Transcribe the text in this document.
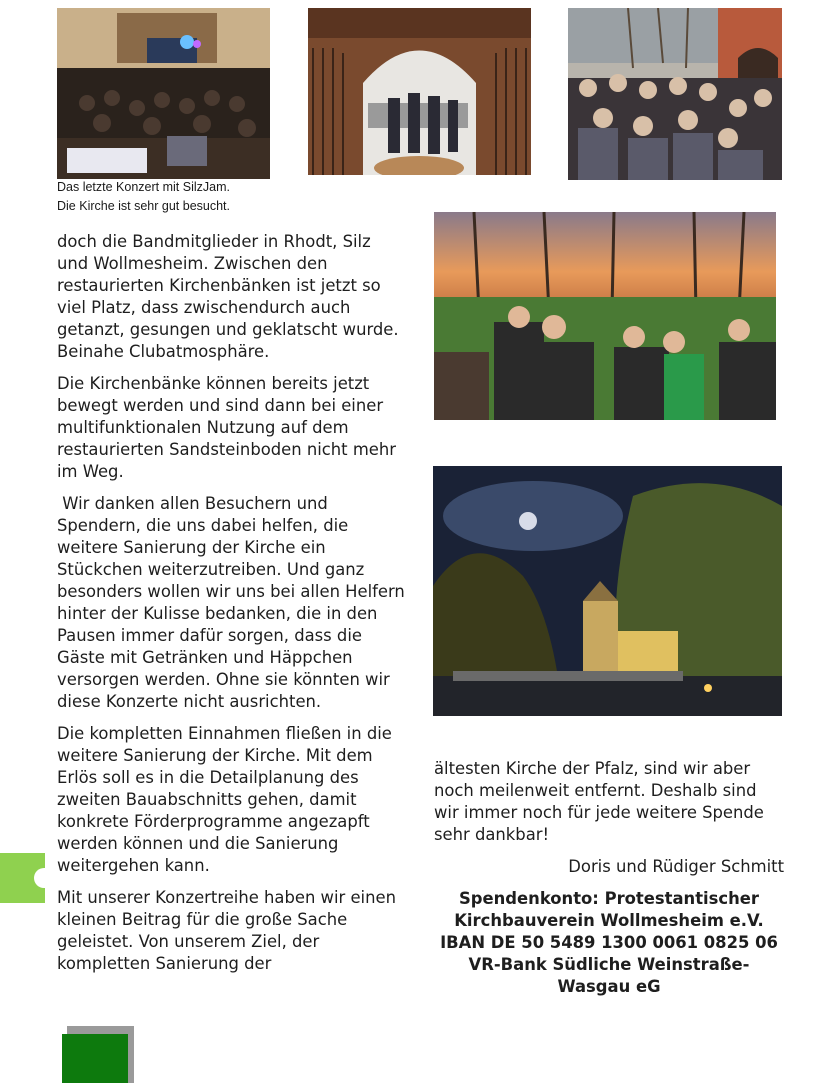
Das letzte Konzert mit SilzJam.
Die Kirche ist sehr gut besucht.

doch die Bandmitglieder in Rhodt, Silz und Wollmesheim. Zwischen den restaurierten Kirchenbänken ist jetzt so viel Platz, dass zwischendurch auch getanzt, gesungen und geklatscht wurde. Beinahe Clubatmosphäre.

Die Kirchenbänke können bereits jetzt bewegt werden und sind dann bei einer multifunktionalen Nutzung auf dem restaurierten Sandsteinboden nicht mehr im Weg.

Wir danken allen Besuchern und Spendern, die uns dabei helfen, die weitere Sanierung der Kirche ein Stückchen weiterzutreiben. Und ganz besonders wollen wir uns bei allen Helfern hinter der Kulisse bedanken, die in den Pausen immer dafür sorgen, dass die Gäste mit Getränken und Häppchen versorgen werden. Ohne sie könnten wir diese Konzerte nicht ausrichten.

Die kompletten Einnahmen fließen in die weitere Sanierung der Kirche. Mit dem Erlös soll es in die Detailplanung des zweiten Bauabschnitts gehen, damit konkrete Förderprogramme angezapft werden können und die Sanierung weitergehen kann.

Mit unserer Konzertreihe haben wir einen kleinen Beitrag für die große Sache geleistet. Von unserem Ziel, der kompletten Sanierung der

ältesten Kirche der Pfalz, sind wir aber noch meilenweit entfernt. Deshalb sind wir immer noch für jede weitere Spende sehr dankbar!

Doris und Rüdiger Schmitt

Spendenkonto: Protestantischer Kirchbauverein Wollmesheim e.V.
IBAN DE 50 5489 1300 0061 0825 06
VR-Bank Südliche Weinstraße-Wasgau eG
